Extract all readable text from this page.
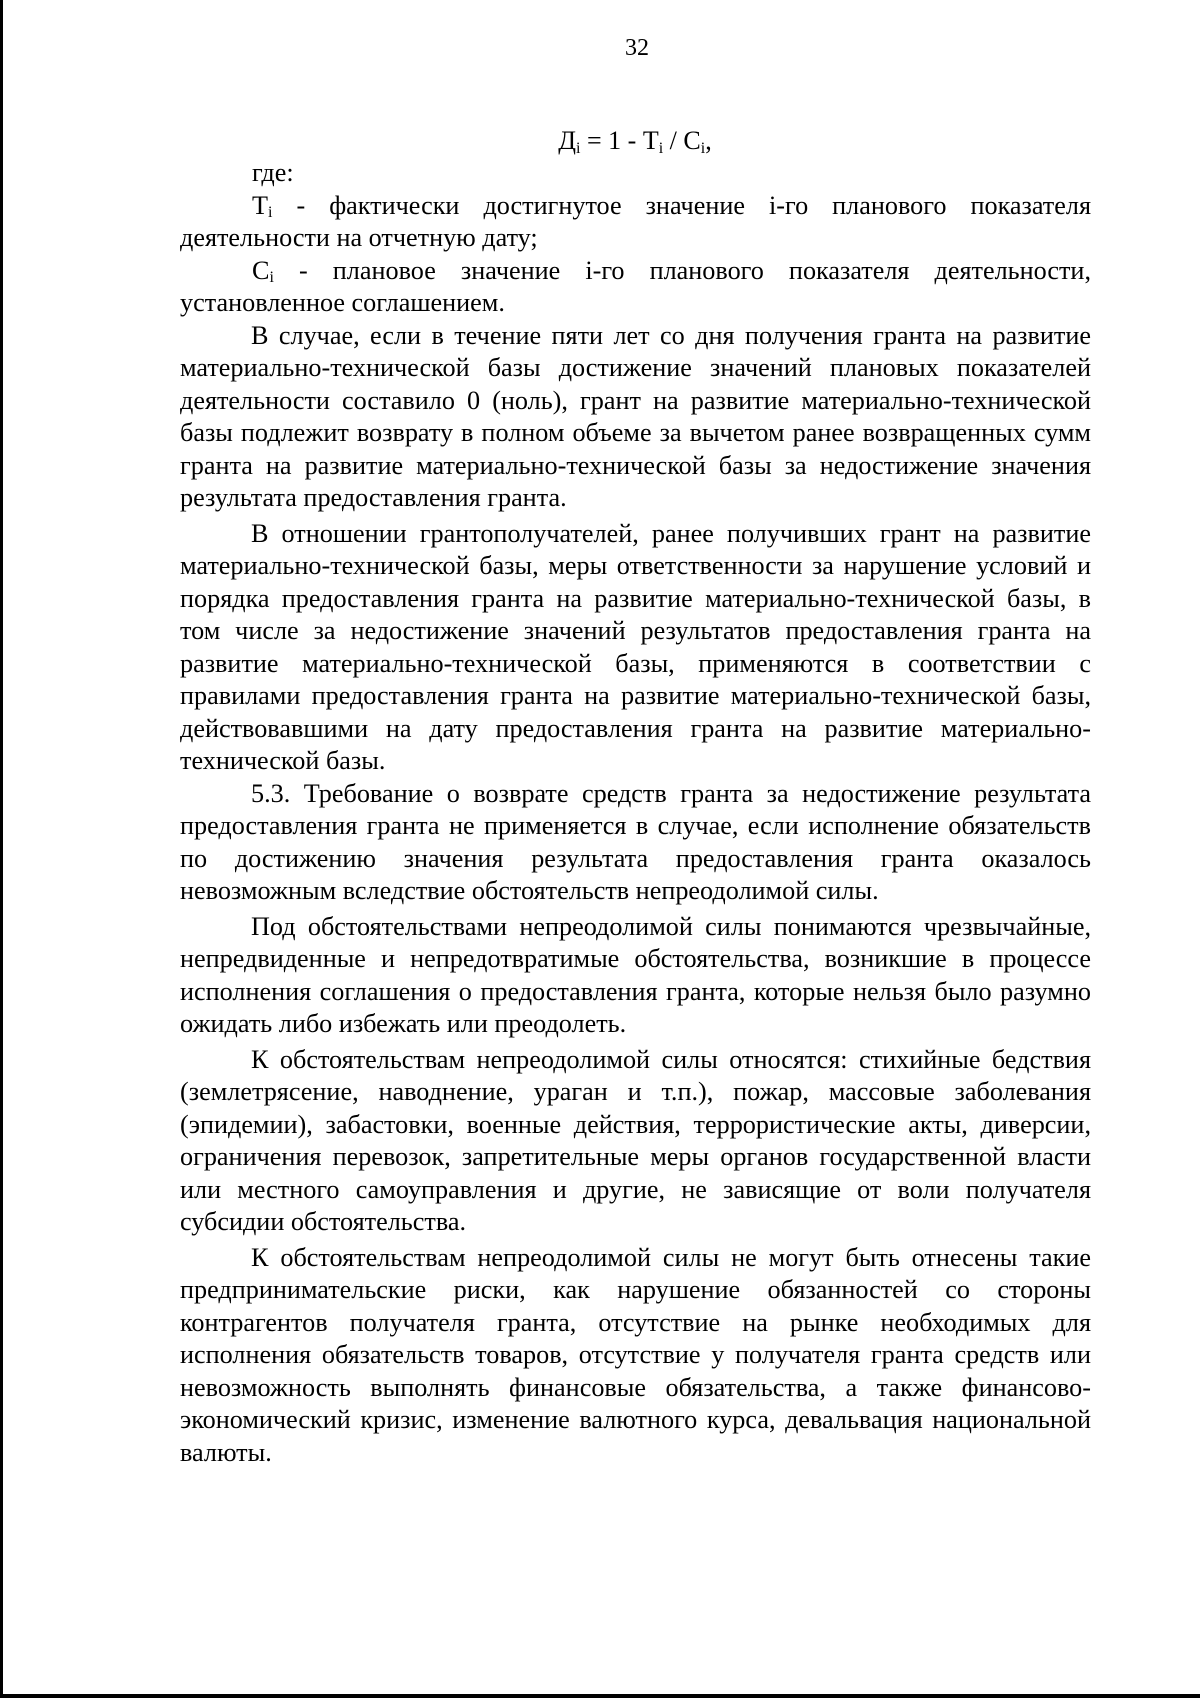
32
$Д_i = 1 - Т_i / С_i$,

где:

$Т_i$ - фактически достигнутое значение i-го планового показателя деятельности на отчетную дату;

$С_i$ - плановое значение i-го планового показателя деятельности, установленное соглашением.

В случае, если в течение пяти лет со дня получения гранта на развитие материально-технической базы достижение значений плановых показателей деятельности составило 0 (ноль), грант на развитие материально-технической базы подлежит возврату в полном объеме за вычетом ранее возвращенных сумм гранта на развитие материально-технической базы за недостижение значения результата предоставления гранта.

В отношении грантополучателей, ранее получивших грант на развитие материально-технической базы, меры ответственности за нарушение условий и порядка предоставления гранта на развитие материально-технической базы, в том числе за недостижение значений результатов предоставления гранта на развитие материально-технической базы, применяются в соответствии с правилами предоставления гранта на развитие материально-технической базы, действовавшими на дату предоставления гранта на развитие материально-технической базы.

5.3. Требование о возврате средств гранта за недостижение результата предоставления гранта не применяется в случае, если исполнение обязательств по достижению значения результата предоставления гранта оказалось невозможным вследствие обстоятельств непреодолимой силы.

Под обстоятельствами непреодолимой силы понимаются чрезвычайные, непредвиденные и непредотвратимые обстоятельства, возникшие в процессе исполнения соглашения о предоставления гранта, которые нельзя было разумно ожидать либо избежать или преодолеть.

К обстоятельствам непреодолимой силы относятся: стихийные бедствия (землетрясение, наводнение, ураган и т.п.), пожар, массовые заболевания (эпидемии), забастовки, военные действия, террористические акты, диверсии, ограничения перевозок, запретительные меры органов государственной власти или местного самоуправления и другие, не зависящие от воли получателя субсидии обстоятельства.

К обстоятельствам непреодолимой силы не могут быть отнесены такие предпринимательские риски, как нарушение обязанностей со стороны контрагентов получателя гранта, отсутствие на рынке необходимых для исполнения обязательств товаров, отсутствие у получателя гранта средств или невозможность выполнять финансовые обязательства, а также финансово-экономический кризис, изменение валютного курса, девальвация национальной валюты.
